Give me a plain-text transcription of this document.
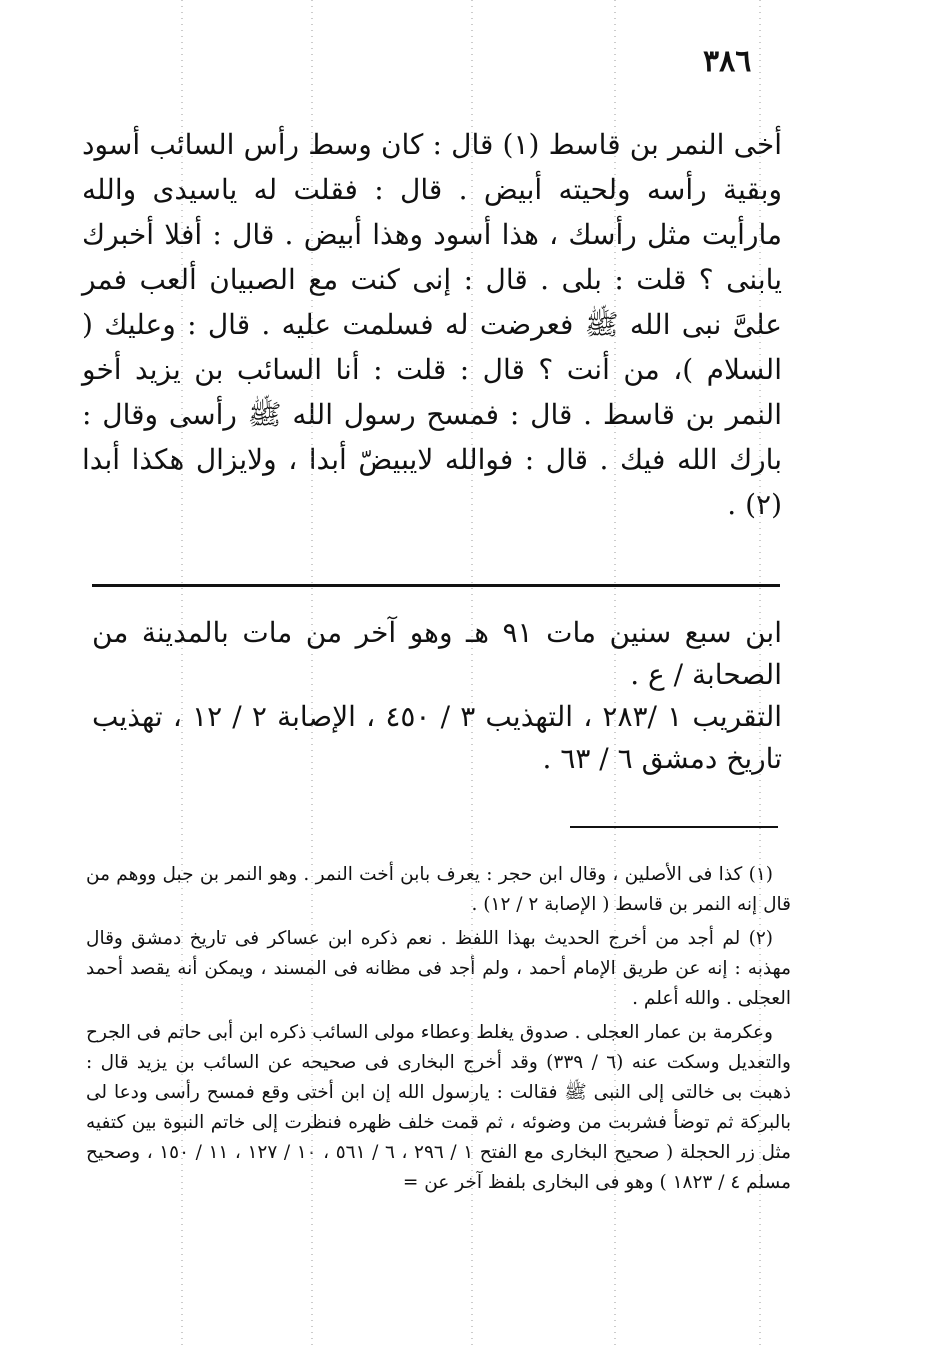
٣٨٦

أخى النمر بن قاسط (١) قال : كان وسط رأس السائب أسود وبقية رأسه ولحيته أبيض . قال : فقلت له ياسيدى والله مارأيت مثل رأسك ، هذا أسود وهذا أبيض . قال : أفلا أخبرك يابنى ؟ قلت : بلى . قال : إنى كنت مع الصبيان ألعب فمر علىَّ نبى الله ﷺ فعرضت له فسلمت عليه . قال : وعليك ( السلام )، من أنت ؟ قال : قلت : أنا السائب بن يزيد أخو النمر بن قاسط . قال : فمسح رسول الله ﷺ رأسى وقال : بارك الله فيك . قال : فوالله لايبيضّ أبدا ، ولايزال هكذا أبدا (٢) .

ابن سبع سنين مات ٩١ هـ وهو آخر من مات بالمدينة من الصحابة / ع .

التقريب ١ /٢٨٣ ، التهذيب ٣ / ٤٥٠ ، الإصابة ٢ / ١٢ ، تهذيب تاريخ دمشق ٦ / ٦٣ .

(١) كذا فى الأصلين ، وقال ابن حجر : يعرف بابن أخت النمر . وهو النمر بن جبل ووهم من قال إنه النمر بن قاسط ( الإصابة ٢ / ١٢) .

(٢) لم أجد من أخرج الحديث بهذا اللفظ . نعم ذكره ابن عساكر فى تاريخ دمشق وقال مهذبه : إنه عن طريق الإمام أحمد ، ولم أجد فى مظانه فى المسند ، ويمكن أنه يقصد أحمد العجلى . والله أعلم .

وعكرمة بن عمار العجلى . صدوق يغلط وعطاء مولى السائب ذكره ابن أبى حاتم فى الجرح والتعديل وسكت عنه (٦ / ٣٣٩) وقد أخرج البخارى فى صحيحه عن السائب بن يزيد قال : ذهبت بى خالتى إلى النبى ﷺ فقالت : يارسول الله إن ابن أختى وقع فمسح رأسى ودعا لى بالبركة ثم توضأ فشربت من وضوئه ، ثم قمت خلف ظهره فنظرت إلى خاتم النبوة بين كتفيه مثل زر الحجلة ( صحيح البخارى مع الفتح ١ / ٢٩٦ ، ٦ / ٥٦١ ، ١٠ / ١٢٧ ، ١١ / ١٥٠ ، وصحيح مسلم ٤ / ١٨٢٣ ) وهو فى البخارى بلفظ آخر عن =
